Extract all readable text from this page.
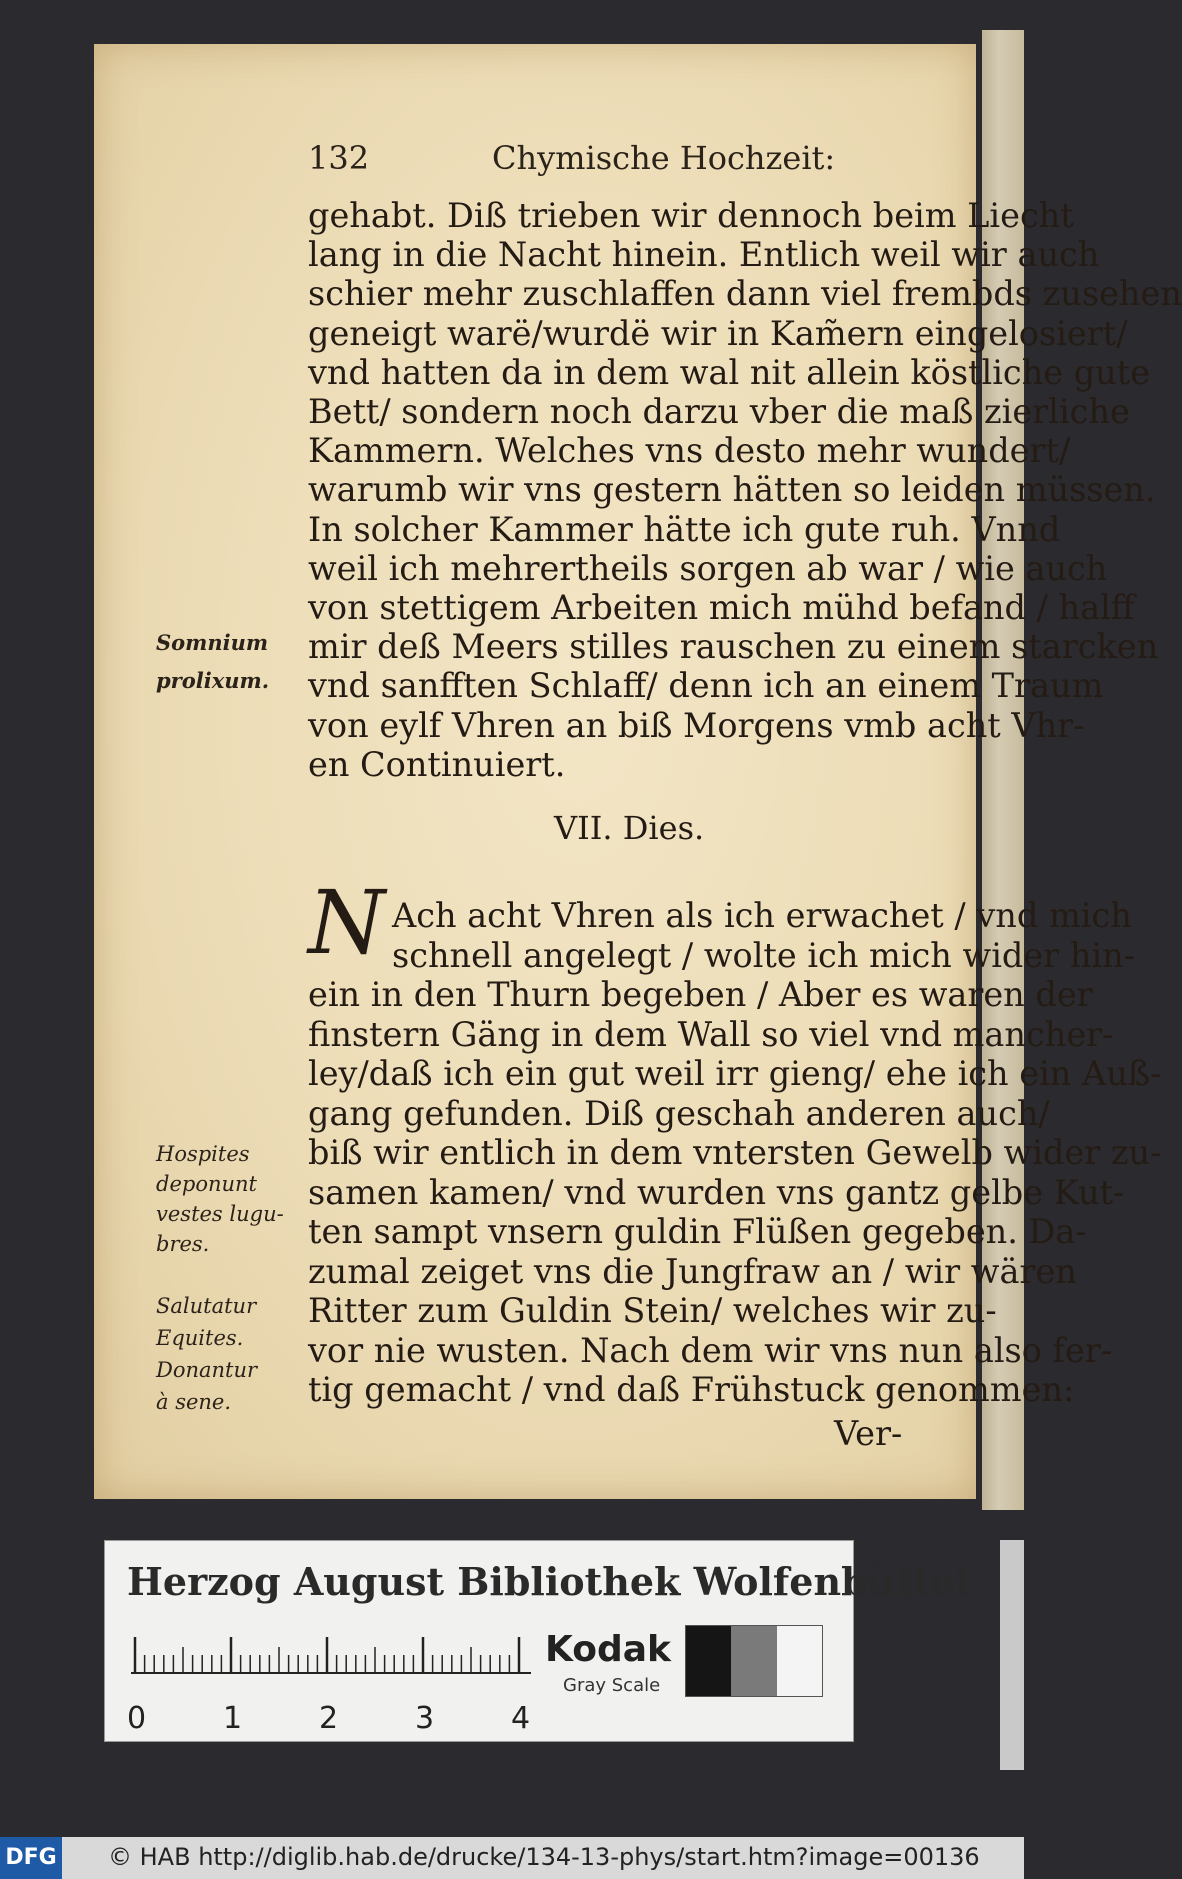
132	Chymische Hochzeit:
gehabt. Diß trieben wir dennoch beim Liecht
lang in die Nacht hinein. Entlich weil wir auch
schier mehr zuschlaffen dann viel frembds zusehen
geneigt warë/wurdë wir in Kam̃ern eingelosiert/
vnd hatten da in dem wal nit allein köstliche gute
Bett/ sondern noch darzu vber die maß zierliche
Kammern. Welches vns desto mehr wundert/
warumb wir vns gestern hätten so leiden müssen.
In solcher Kammer hätte ich gute ruh. Vnnd
weil ich mehrertheils sorgen ab war / wie auch
von stettigem Arbeiten mich mühd befand / halff
mir deß Meers stilles rauschen zu einem starcken
vnd sanfften Schlaff/ denn ich an einem Traum
von eylf Vhren an biß Morgens vmb acht Vhr-
en Continuiert.
VII. Dies.
N Ach acht Vhren als ich erwachet / vnd mich
schnell angelegt / wolte ich mich wider hin-
ein in den Thurn begeben / Aber es waren der
finstern Gäng in dem Wall so viel vnd mancher-
ley/daß ich ein gut weil irr gieng/ ehe ich ein Auß-
gang gefunden. Diß geschah anderen auch/
biß wir entlich in dem vntersten Gewelb wider zu-
samen kamen/ vnd wurden vns gantz gelbe Kut-
ten sampt vnsern guldin Flüßen gegeben. Da-
zumal zeiget vns die Jungfraw an / wir wären
Ritter zum Guldin Stein/ welches wir zu-
vor nie wusten. Nach dem wir vns nun also fer-
tig gemacht / vnd daß Frühstuck genommen:
Ver-
Somnium
prolixum.
Hospites
deponunt
vestes lugu-
bres.
Salutatur
Equites.
Donantur
à sene.
Herzog August Bibliothek Wolfenbüttel
Kodak
Gray Scale
0	1	2	3	4
DFG © HAB http://diglib.hab.de/drucke/134-13-phys/start.htm?image=00136
